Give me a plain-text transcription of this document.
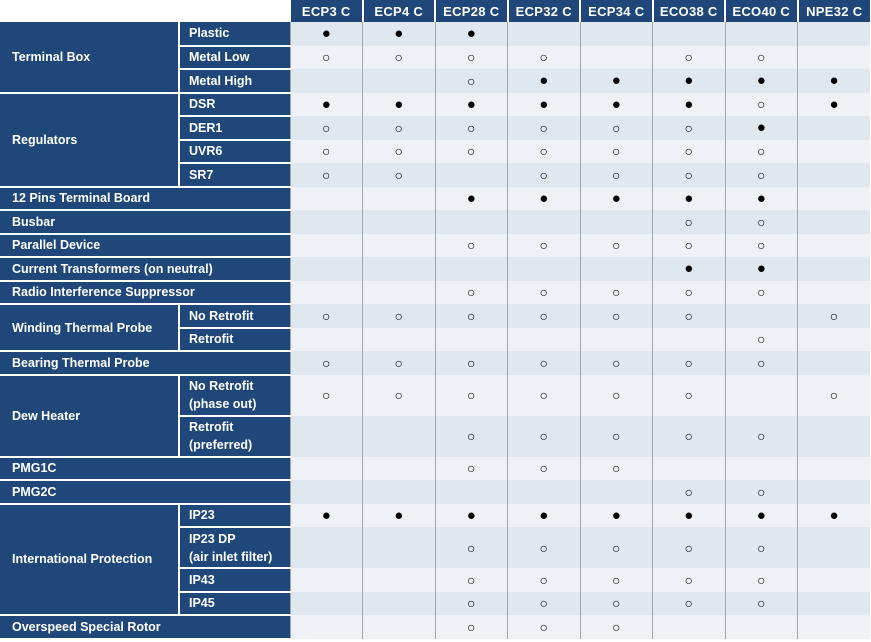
		ECP3 C	ECP4 C	ECP28 C	ECP32 C	ECP34 C	ECO38 C	ECO40 C	NPE32 C
Terminal Box	Plastic	●	●	●					
	Metal Low	○	○	○	○		○	○	
	Metal High			○	●	●	●	●	●
Regulators	DSR	●	●	●	●	●	●	○	●
	DER1	○	○	○	○	○	○	●	
	UVR6	○	○	○	○	○	○	○	
	SR7	○	○		○	○	○	○	
12 Pins Terminal Board				●	●	●	●	●	
Busbar							○	○	
Parallel Device				○	○	○	○	○	
Current Transformers (on neutral)							●	●	
Radio Interference Suppressor				○	○	○	○	○	
Winding Thermal Probe	No Retrofit	○	○	○	○	○	○		○
	Retrofit							○	
Bearing Thermal Probe		○	○	○	○	○	○	○	
Dew Heater	No Retrofit
(phase out)	○	○	○	○	○	○		○

	Retrofit
(preferred)			○	○	○	○	○	
PMG1C				○	○	○			
PMG2C							○	○	
International Protection	IP23	●	●	●	●	●	●	●	●

	IP23 DP
(air inlet filter)			○	○	○	○	○	
	IP43			○	○	○	○	○	
	IP45			○	○	○	○	○	
Overspeed Special Rotor				○	○	○			
